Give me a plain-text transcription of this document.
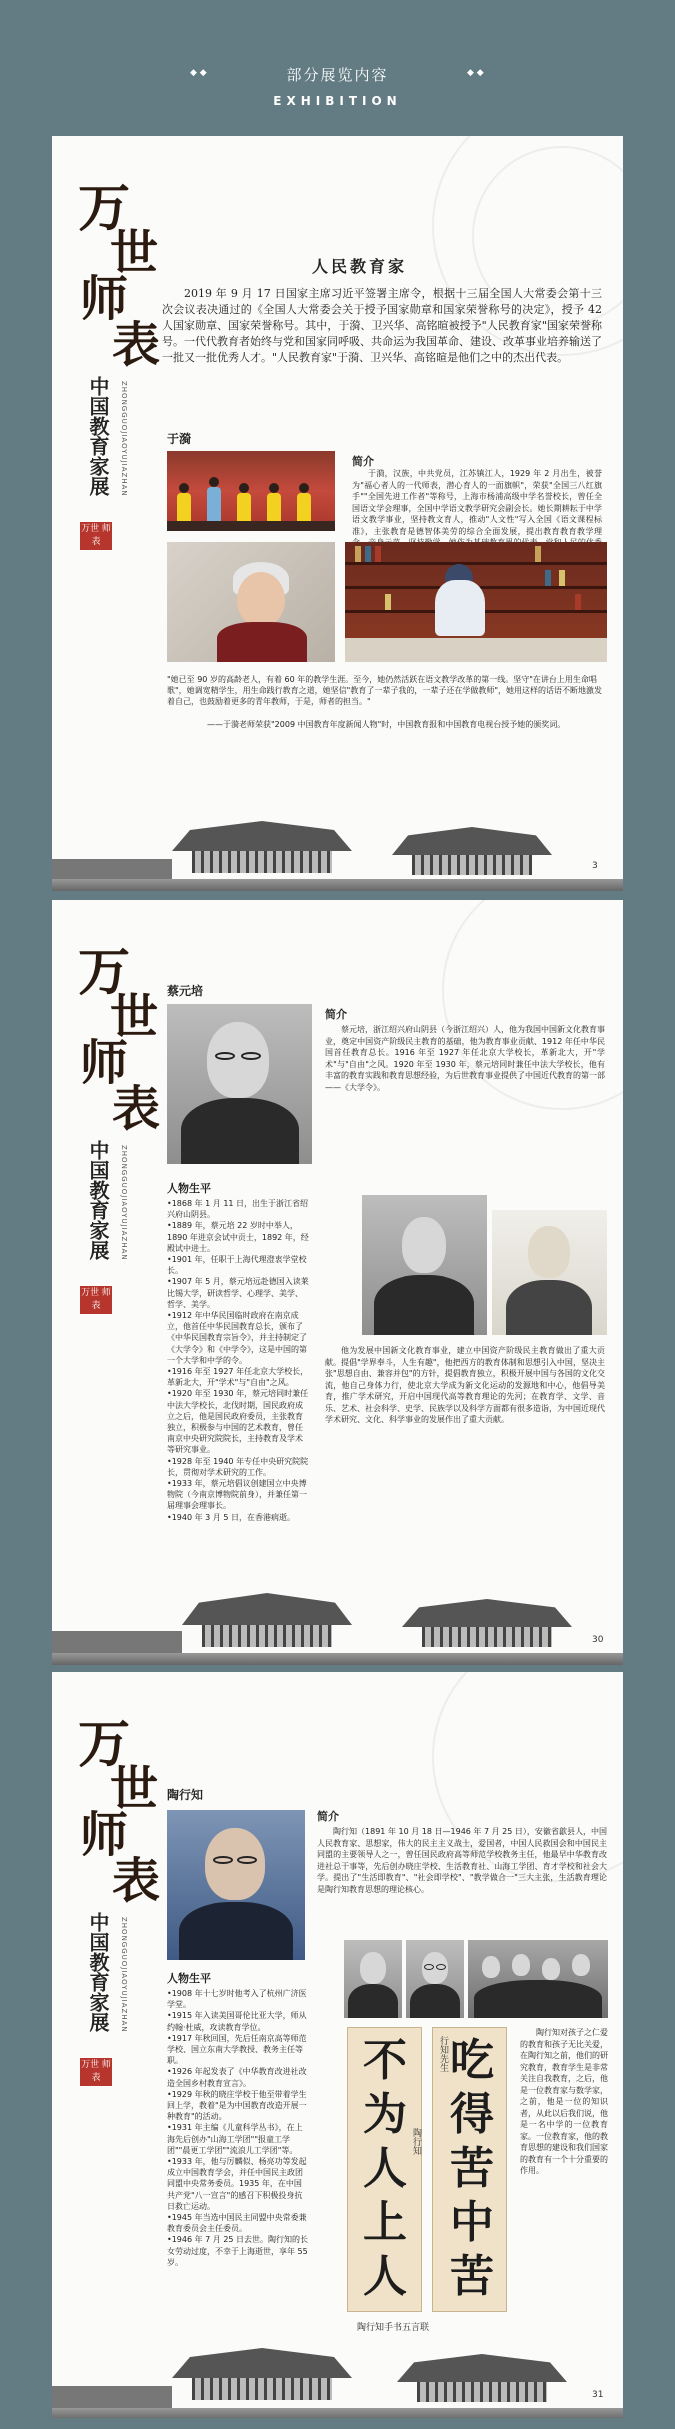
◆ ◆	部分展览内容	◆ ◆
EXHIBITION
万
世
师
表
中国教育家展	ZHONGGUOJIAOYUJIAZHAN
万世 师表
人民教育家
2019 年 9 月 17 日国家主席习近平签署主席令，根据十三届全国人大常委会第十三次会议表决通过的《全国人大常委会关于授予国家勋章和国家荣誉称号的决定》，授予 42 人国家勋章、国家荣誉称号。其中，于漪、卫兴华、高铭暄被授予"人民教育家"国家荣誉称号。一代代教育者始终与党和国家同呼吸、共命运为我国革命、建设、改革事业培养输送了一批又一批优秀人才。"人民教育家"于漪、卫兴华、高铭暄是他们之中的杰出代表。
于漪
简介
于漪，汉族，中共党员，江苏镇江人，1929 年 2 月出生，被誉为"福心者人的一代师表，潜心育人的一面旗帜"，荣获"全国三八红旗手""全国先进工作者"等称号，上海市杨浦高级中学名誉校长，曾任全国语文学会理事，全国中学语文教学研究会副会长。她长期耕耘于中学语文教学事业，坚持教文育人，推动"人文性"写入全国《语文课程标准》，主张教育是德智体美劳的综合全面发展，提出教育教育教学理
"她已至 90 岁的高龄老人，有着 60 年的教学生涯。至今，她仍然活跃在语文教学改革的第一线。坚守"在讲台上用生命唱歌"，她调宽精学生，用生命践行教育之道，她坚信"教育了一辈子我的，一辈子还在学做教师"，她用这样的话语不断地激发着自己，也鼓励着更多的青年教师，于是，师者的担当。"
——于漪老师荣获"2009 中国教育年度新闻人物"时，中国教育报和中国教育电视台授予她的颁奖词。
3
万
世
师
表
中国教育家展	ZHONGGUOJIAOYUJIAZHAN
万世 师表
蔡元培
简介
蔡元培，浙江绍兴府山阴县（今浙江绍兴）人，他为我国中国新文化教育事业，奠定中国资产阶级民主教育的基础，他为教育事业贡献、1912 年任中华民国首任教育总长。1916 年至 1927 年任北京大学校长，革新北大，开"学术"与"自由"之风。1920 年至 1930 年，蔡元培同时兼任中法大学校长，他有丰富的教育实践和教育思想经验，为后世教育事业提供了中国近代教育的第一部——《大学令》。
人物生平

•1868 年 1 月 11 日，出生于浙江省绍兴府山阴县。

•1889 年，蔡元培 22 岁时中举人，1890 年进京会试中贡士，1892 年，经殿试中进士。

•1901 年，任职于上海代理澄衷学堂校长。

•1907 年 5 月，蔡元培远赴德国入读莱比锡大学，研读哲学、心理学、美学、哲学、美学。

•1912 年中华民国临时政府在南京成立，他首任中华民国教育总长，颁布了《中华民国教育宗旨令》，并主持制定了《大学令》和《中学令》，这是中国的第一个大学和中学的令。

•1916 年至 1927 年任北京大学校长，革新北大，开"学术"与"自由"之风。

•1920 年至 1930 年，蔡元培同时兼任中法大学校长，北伐时期，国民政府成立之后，他是国民政府委员，主张教育独立，积极参与中国的艺术教育，曾任南京中央研究院院长，主持教育及学术等研究事业。

•1928 年至 1940 年专任中央研究院院长，贯彻对学术研究的工作。

•1933 年，蔡元培倡议创建国立中央博物院（今南京博物院前身），并兼任第一届理事会理事长。

•1940 年 3 月 5 日，在香港病逝。

他为发展中国新文化教育事业，建立中国资产阶级民主教育做出了重大贡献。提倡"学界奉斗，人生有趣"，他把西方的教育体制和思想引入中国，坚决主张"思想自由、兼容并包"的方针，提倡教育独立，积极开展中国与各国的文化交流，他自己身体力行，使北京大学成为新文化运动的发源地和中心，他倡导美育，推广学术研究，开启中国现代高等教育理论的先河；在教育学、文学、音乐、艺术、社会科学、史学、民族学以及科学方面都有很多造诣，为中国近现代学术研究、文化、科学事业的发展作出了重大贡献。
30
万
世
师
表
中国教育家展	ZHONGGUOJIAOYUJIAZHAN
万世 师表
陶行知
简介
陶行知（1891 年 10 月 18 日—1946 年 7 月 25 日），安徽省歙县人，中国人民教育家、思想家，伟大的民主主义战士，爱国者，中国人民救国会和中国民主同盟的主要领导人之一，曾任国民政府高等师范学校教务主任，他最早中华教育改进社总干事等，先后创办晓庄学校、生活教育社、山海工学团、育才学校和社会大学。提出了"生活即教育"、"社会即学校"、"教学做合一"三大主张，生活教育理论是陶行知教育思想的理论核心。
人物生平

•1908 年十七岁时他考入了杭州广济医学堂。

•1915 年入读美国哥伦比亚大学，师从约翰·杜威，攻读教育学位。

•1917 年秋回国，先后任南京高等师范学校、国立东南大学教授、教务主任等职。

•1926 年起发表了《中华教育改进社改造全国乡村教育宣言》。

•1929 年秋的晓庄学校于他至带着学生回上学，教着"是为中国教育改造开展一种教育"的活动。

•1931 年主编《儿童科学丛书》，在上海先后创办"山海工学团""报童工学团""晨更工学团""流浪儿工学团"等。

•1933 年，他与厉麟似、杨亮功等发起成立中国教育学会，并任中国民主政团同盟中央常务委员。1935 年，在中国共产党"八一宣言"的感召下积极投身抗日救亡运动。

•1945 年当选中国民主同盟中央常委兼教育委员会主任委员。

•1946 年 7 月 25 日去世。陶行知的长女劳动过度，不幸于上海逝世，享年 55 岁。

不
为
人
上
人
陶行知
行知先生 吃
得
苦
中
苦
陶行知手书五言联
陶行知对孩子之仁爱的教育和孩子无比关爱，在陶行知之前，他们的研究教育，教育学生是非常关注自我教育，之后，他是一位教育家与数学家，之前，他是一位的知识者，从此以后我们说，他是一名中学的一位教育家。一位教育家，他的教育思想的建设和我们国家的教育有一个十分重要的作用。
31
